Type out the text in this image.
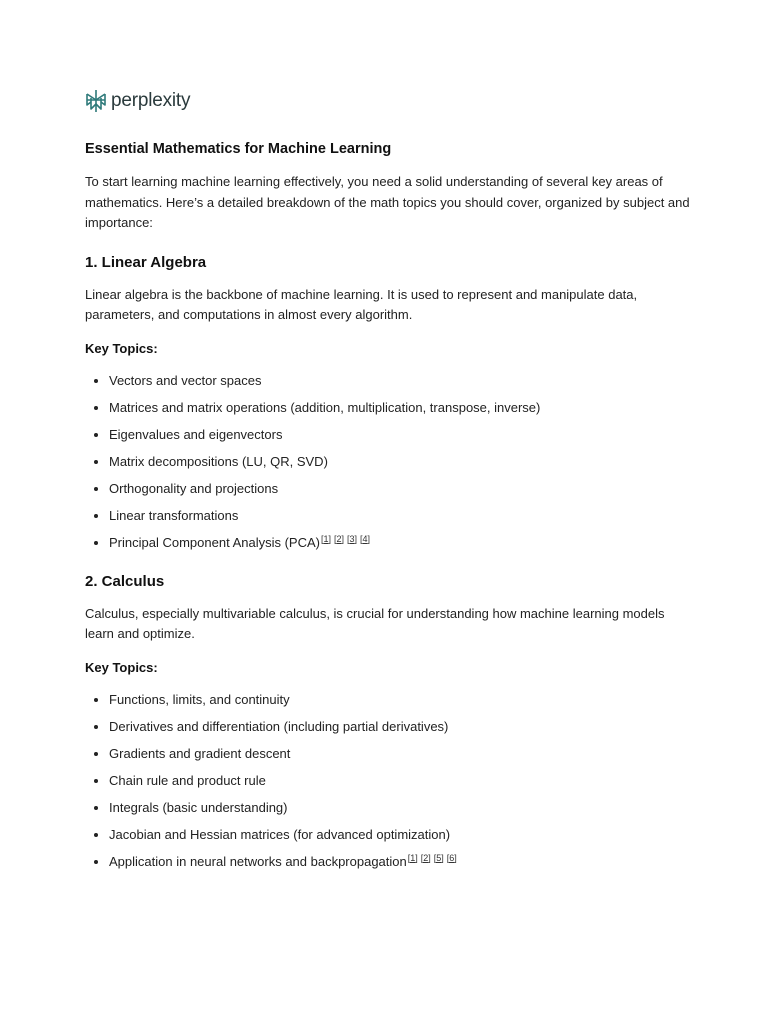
perplexity
Essential Mathematics for Machine Learning

To start learning machine learning effectively, you need a solid understanding of several key areas of mathematics. Here’s a detailed breakdown of the math topics you should cover, organized by subject and importance:

1. Linear Algebra

Linear algebra is the backbone of machine learning. It is used to represent and manipulate data, parameters, and computations in almost every algorithm.

Key Topics:
Vectors and vector spaces
Matrices and matrix operations (addition, multiplication, transpose, inverse)
Eigenvalues and eigenvectors
Matrix decompositions (LU, QR, SVD)
Orthogonality and projections
Linear transformations
Principal Component Analysis (PCA)[1] [2] [3] [4]
2. Calculus

Calculus, especially multivariable calculus, is crucial for understanding how machine learning models learn and optimize.

Key Topics:
Functions, limits, and continuity
Derivatives and differentiation (including partial derivatives)
Gradients and gradient descent
Chain rule and product rule
Integrals (basic understanding)
Jacobian and Hessian matrices (for advanced optimization)
Application in neural networks and backpropagation[1] [2] [5] [6]
